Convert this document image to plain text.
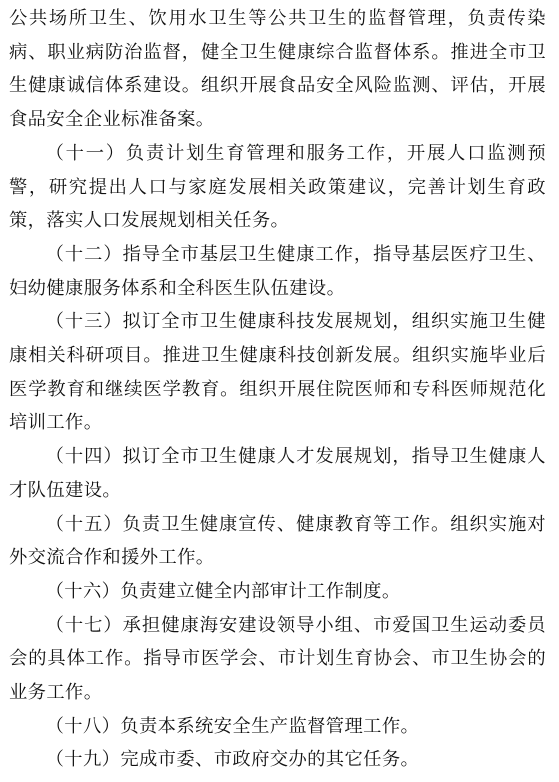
公共场所卫生、饮用水卫生等公共卫生的监督管理，负责传染病、职业病防治监督，健全卫生健康综合监督体系。推进全市卫生健康诚信体系建设。组织开展食品安全风险监测、评估，开展食品安全企业标准备案。

（十一）负责计划生育管理和服务工作，开展人口监测预警，研究提出人口与家庭发展相关政策建议，完善计划生育政策，落实人口发展规划相关任务。

（十二）指导全市基层卫生健康工作，指导基层医疗卫生、妇幼健康服务体系和全科医生队伍建设。

（十三）拟订全市卫生健康科技发展规划，组织实施卫生健康相关科研项目。推进卫生健康科技创新发展。组织实施毕业后医学教育和继续医学教育。组织开展住院医师和专科医师规范化培训工作。

（十四）拟订全市卫生健康人才发展规划，指导卫生健康人才队伍建设。

（十五）负责卫生健康宣传、健康教育等工作。组织实施对外交流合作和援外工作。

（十六）负责建立健全内部审计工作制度。

（十七）承担健康海安建设领导小组、市爱国卫生运动委员会的具体工作。指导市医学会、市计划生育协会、市卫生协会的业务工作。

（十八）负责本系统安全生产监督管理工作。

（十九）完成市委、市政府交办的其它任务。
